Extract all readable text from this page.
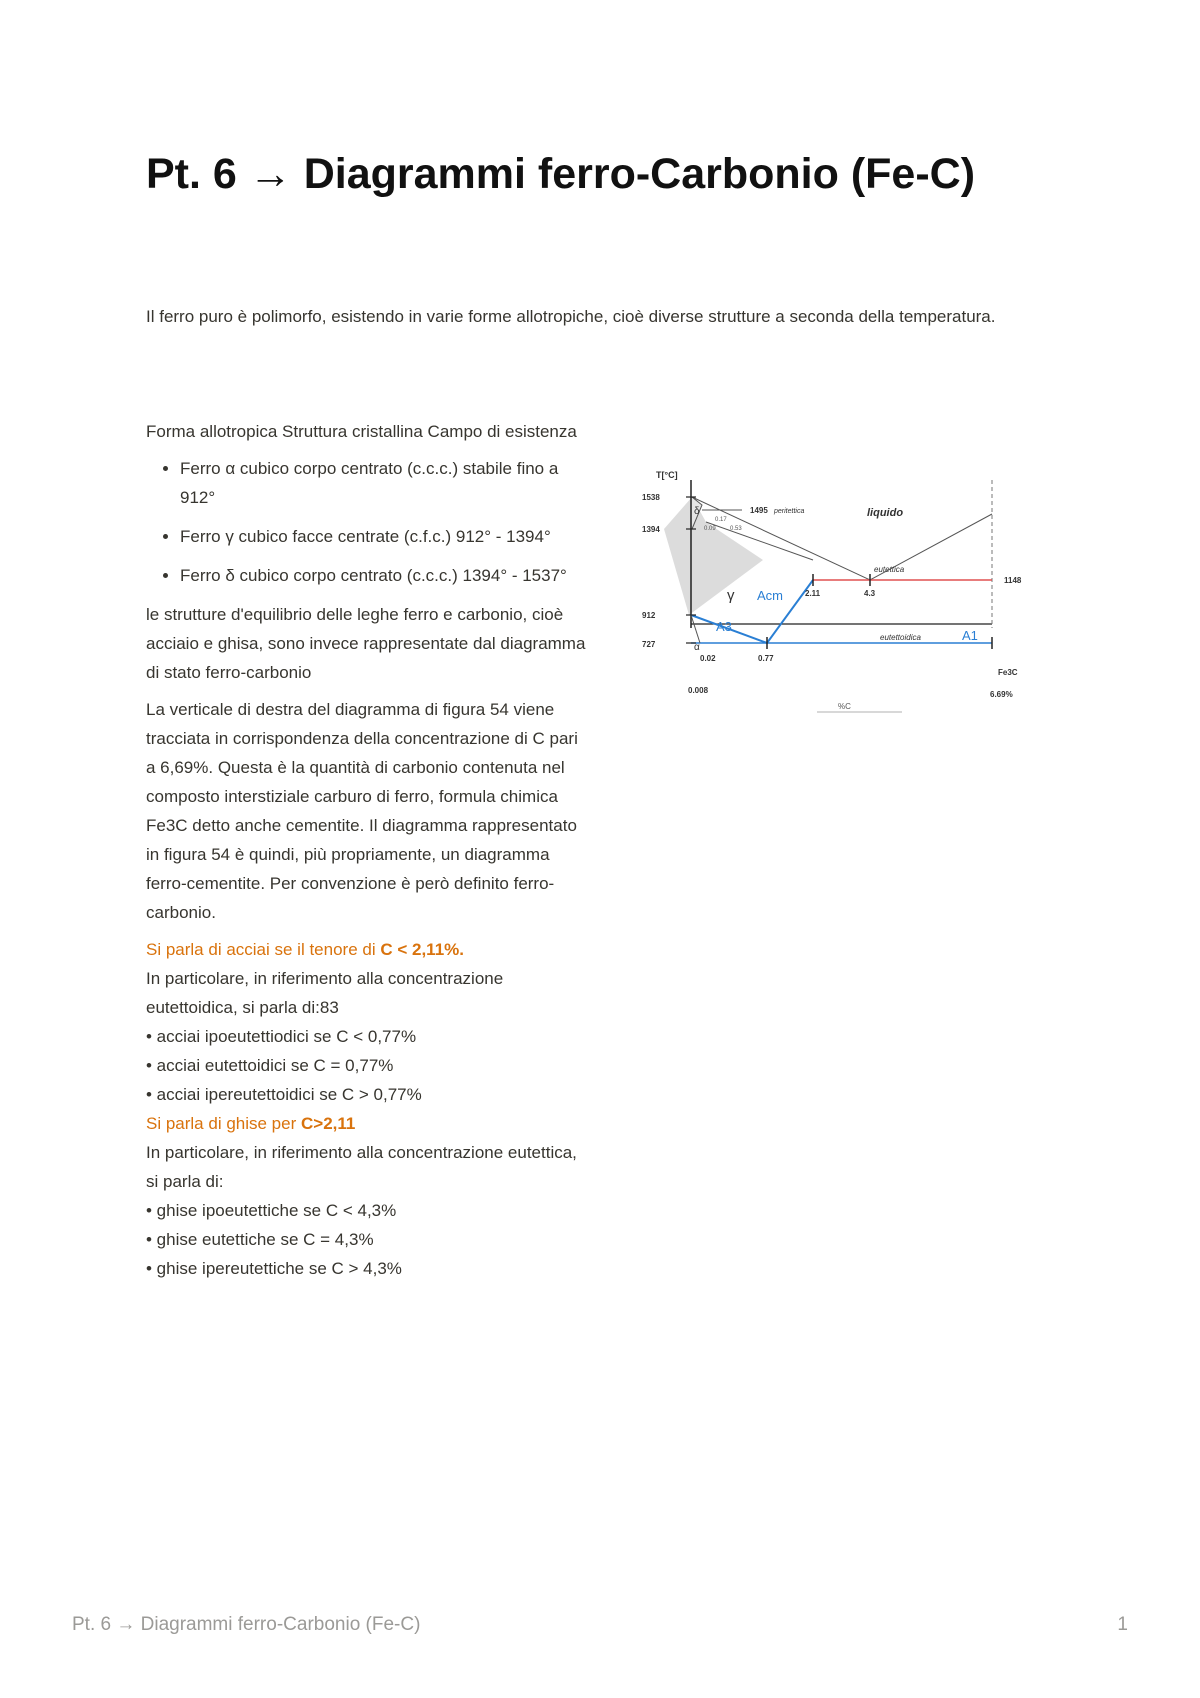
Pt. 6 → Diagrammi ferro-Carbonio (Fe-C)

Il ferro puro è polimorfo, esistendo in varie forme allotropiche, cioè diverse strutture a seconda della temperatura.

Forma allotropica Struttura cristallina Campo di esistenza

• Ferro α cubico corpo centrato (c.c.c.) stabile fino a 912°
• Ferro γ cubico facce centrate (c.f.c.) 912° - 1394°
• Ferro δ cubico corpo centrato (c.c.c.) 1394° - 1537°

le strutture d'equilibrio delle leghe ferro e carbonio, cioè acciaio e ghisa, sono invece rappresentate dal diagramma di stato ferro-carbonio

La verticale di destra del diagramma di figura 54 viene tracciata in corrispondenza della concentrazione di C pari a 6,69%. Questa è la quantità di carbonio contenuta nel composto interstiziale carburo di ferro, formula chimica Fe3C detto anche cementite. Il diagramma rappresentato in figura 54 è quindi, più propriamente, un diagramma ferro-cementite. Per convenzione è però definito ferro-carbonio.

Si parla di acciai se il tenore di C < 2,11%.
In particolare, in riferimento alla concentrazione eutettoidica, si parla di:83
• acciai ipoeutettiodici se C < 0,77%
• acciai eutettoidici se C = 0,77%
• acciai ipereutettoidici se C > 0,77%
Si parla di ghise per C>2,11
In particolare, in riferimento alla concentrazione eutettica, si parla di:
• ghise ipoeutettiche se C < 4,3%
• ghise eutettiche se C = 4,3%
• ghise ipereutettiche se C > 4,3%
T[°C]
1538
1394
912
727
1148
1495 peritettica	liquido
eutettica
eutettoidica
0.09
0.17
0.53
2.11	4.3
0.02	0.77
0.008	6.69%
Fe3C
%C
γ
δ
α
A3
Acm
A1
Pt. 6 → Diagrammi ferro-Carbonio (Fe-C)	1
